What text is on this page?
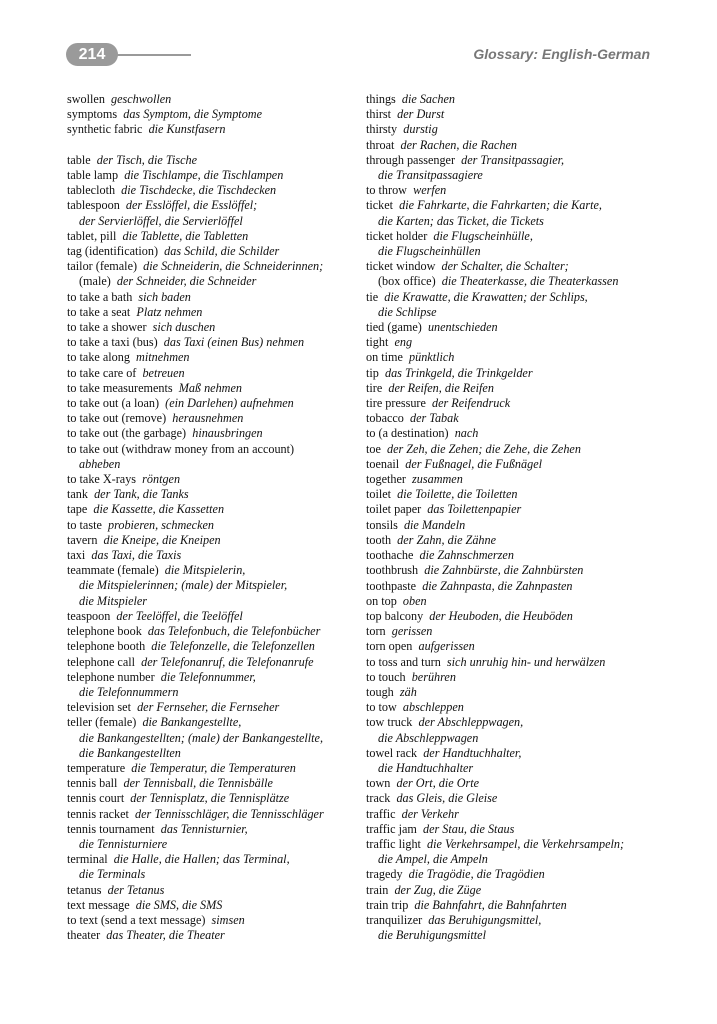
214	Glossary: English-German
swollen geschwollen
symptoms das Symptom, die Symptome
synthetic fabric die Kunstfasern
table der Tisch, die Tische
table lamp die Tischlampe, die Tischlampen
tablecloth die Tischdecke, die Tischdecken
tablespoon der Esslöffel, die Esslöffel;
der Servierlöffel, die Servierlöffel
tablet, pill die Tablette, die Tabletten
tag (identification) das Schild, die Schilder
tailor (female) die Schneiderin, die Schneiderinnen;
(male) der Schneider, die Schneider
to take a bath sich baden
to take a seat Platz nehmen
to take a shower sich duschen
to take a taxi (bus) das Taxi (einen Bus) nehmen
to take along mitnehmen
to take care of betreuen
to take measurements Maß nehmen
to take out (a loan) (ein Darlehen) aufnehmen
to take out (remove) herausnehmen
to take out (the garbage) hinausbringen
to take out (withdraw money from an account)
abheben
to take X-rays röntgen
tank der Tank, die Tanks
tape die Kassette, die Kassetten
to taste probieren, schmecken
tavern die Kneipe, die Kneipen
taxi das Taxi, die Taxis
teammate (female) die Mitspielerin,
die Mitspielerinnen; (male) der Mitspieler,
die Mitspieler
teaspoon der Teelöffel, die Teelöffel
telephone book das Telefonbuch, die Telefonbücher
telephone booth die Telefonzelle, die Telefonzellen
telephone call der Telefonanruf, die Telefonanrufe
telephone number die Telefonnummer,
die Telefonnummern
television set der Fernseher, die Fernseher
teller (female) die Bankangestellte,
die Bankangestellten; (male) der Bankangestellte,
die Bankangestellten
temperature die Temperatur, die Temperaturen
tennis ball der Tennisball, die Tennisbälle
tennis court der Tennisplatz, die Tennisplätze
tennis racket der Tennisschläger, die Tennisschläger
tennis tournament das Tennisturnier,
die Tennisturniere
terminal die Halle, die Hallen; das Terminal,
die Terminals
tetanus der Tetanus
text message die SMS, die SMS
to text (send a text message) simsen
theater das Theater, die Theater
things die Sachen
thirst der Durst
thirsty durstig
throat der Rachen, die Rachen
through passenger der Transitpassagier,
die Transitpassagiere
to throw werfen
ticket die Fahrkarte, die Fahrkarten; die Karte,
die Karten; das Ticket, die Tickets
ticket holder die Flugscheinhülle,
die Flugscheinhüllen
ticket window der Schalter, die Schalter;
(box office) die Theaterkasse, die Theaterkassen
tie die Krawatte, die Krawatten; der Schlips,
die Schlipse
tied (game) unentschieden
tight eng
on time pünktlich
tip das Trinkgeld, die Trinkgelder
tire der Reifen, die Reifen
tire pressure der Reifendruck
tobacco der Tabak
to (a destination) nach
toe der Zeh, die Zehen; die Zehe, die Zehen
toenail der Fußnagel, die Fußnägel
together zusammen
toilet die Toilette, die Toiletten
toilet paper das Toilettenpapier
tonsils die Mandeln
tooth der Zahn, die Zähne
toothache die Zahnschmerzen
toothbrush die Zahnbürste, die Zahnbürsten
toothpaste die Zahnpasta, die Zahnpasten
on top oben
top balcony der Heuboden, die Heuböden
torn gerissen
torn open aufgerissen
to toss and turn sich unruhig hin- und herwälzen
to touch berühren
tough zäh
to tow abschleppen
tow truck der Abschleppwagen,
die Abschleppwagen
towel rack der Handtuchhalter,
die Handtuchhalter
town der Ort, die Orte
track das Gleis, die Gleise
traffic der Verkehr
traffic jam der Stau, die Staus
traffic light die Verkehrsampel, die Verkehrsampeln;
die Ampel, die Ampeln
tragedy die Tragödie, die Tragödien
train der Zug, die Züge
train trip die Bahnfahrt, die Bahnfahrten
tranquilizer das Beruhigungsmittel,
die Beruhigungsmittel
